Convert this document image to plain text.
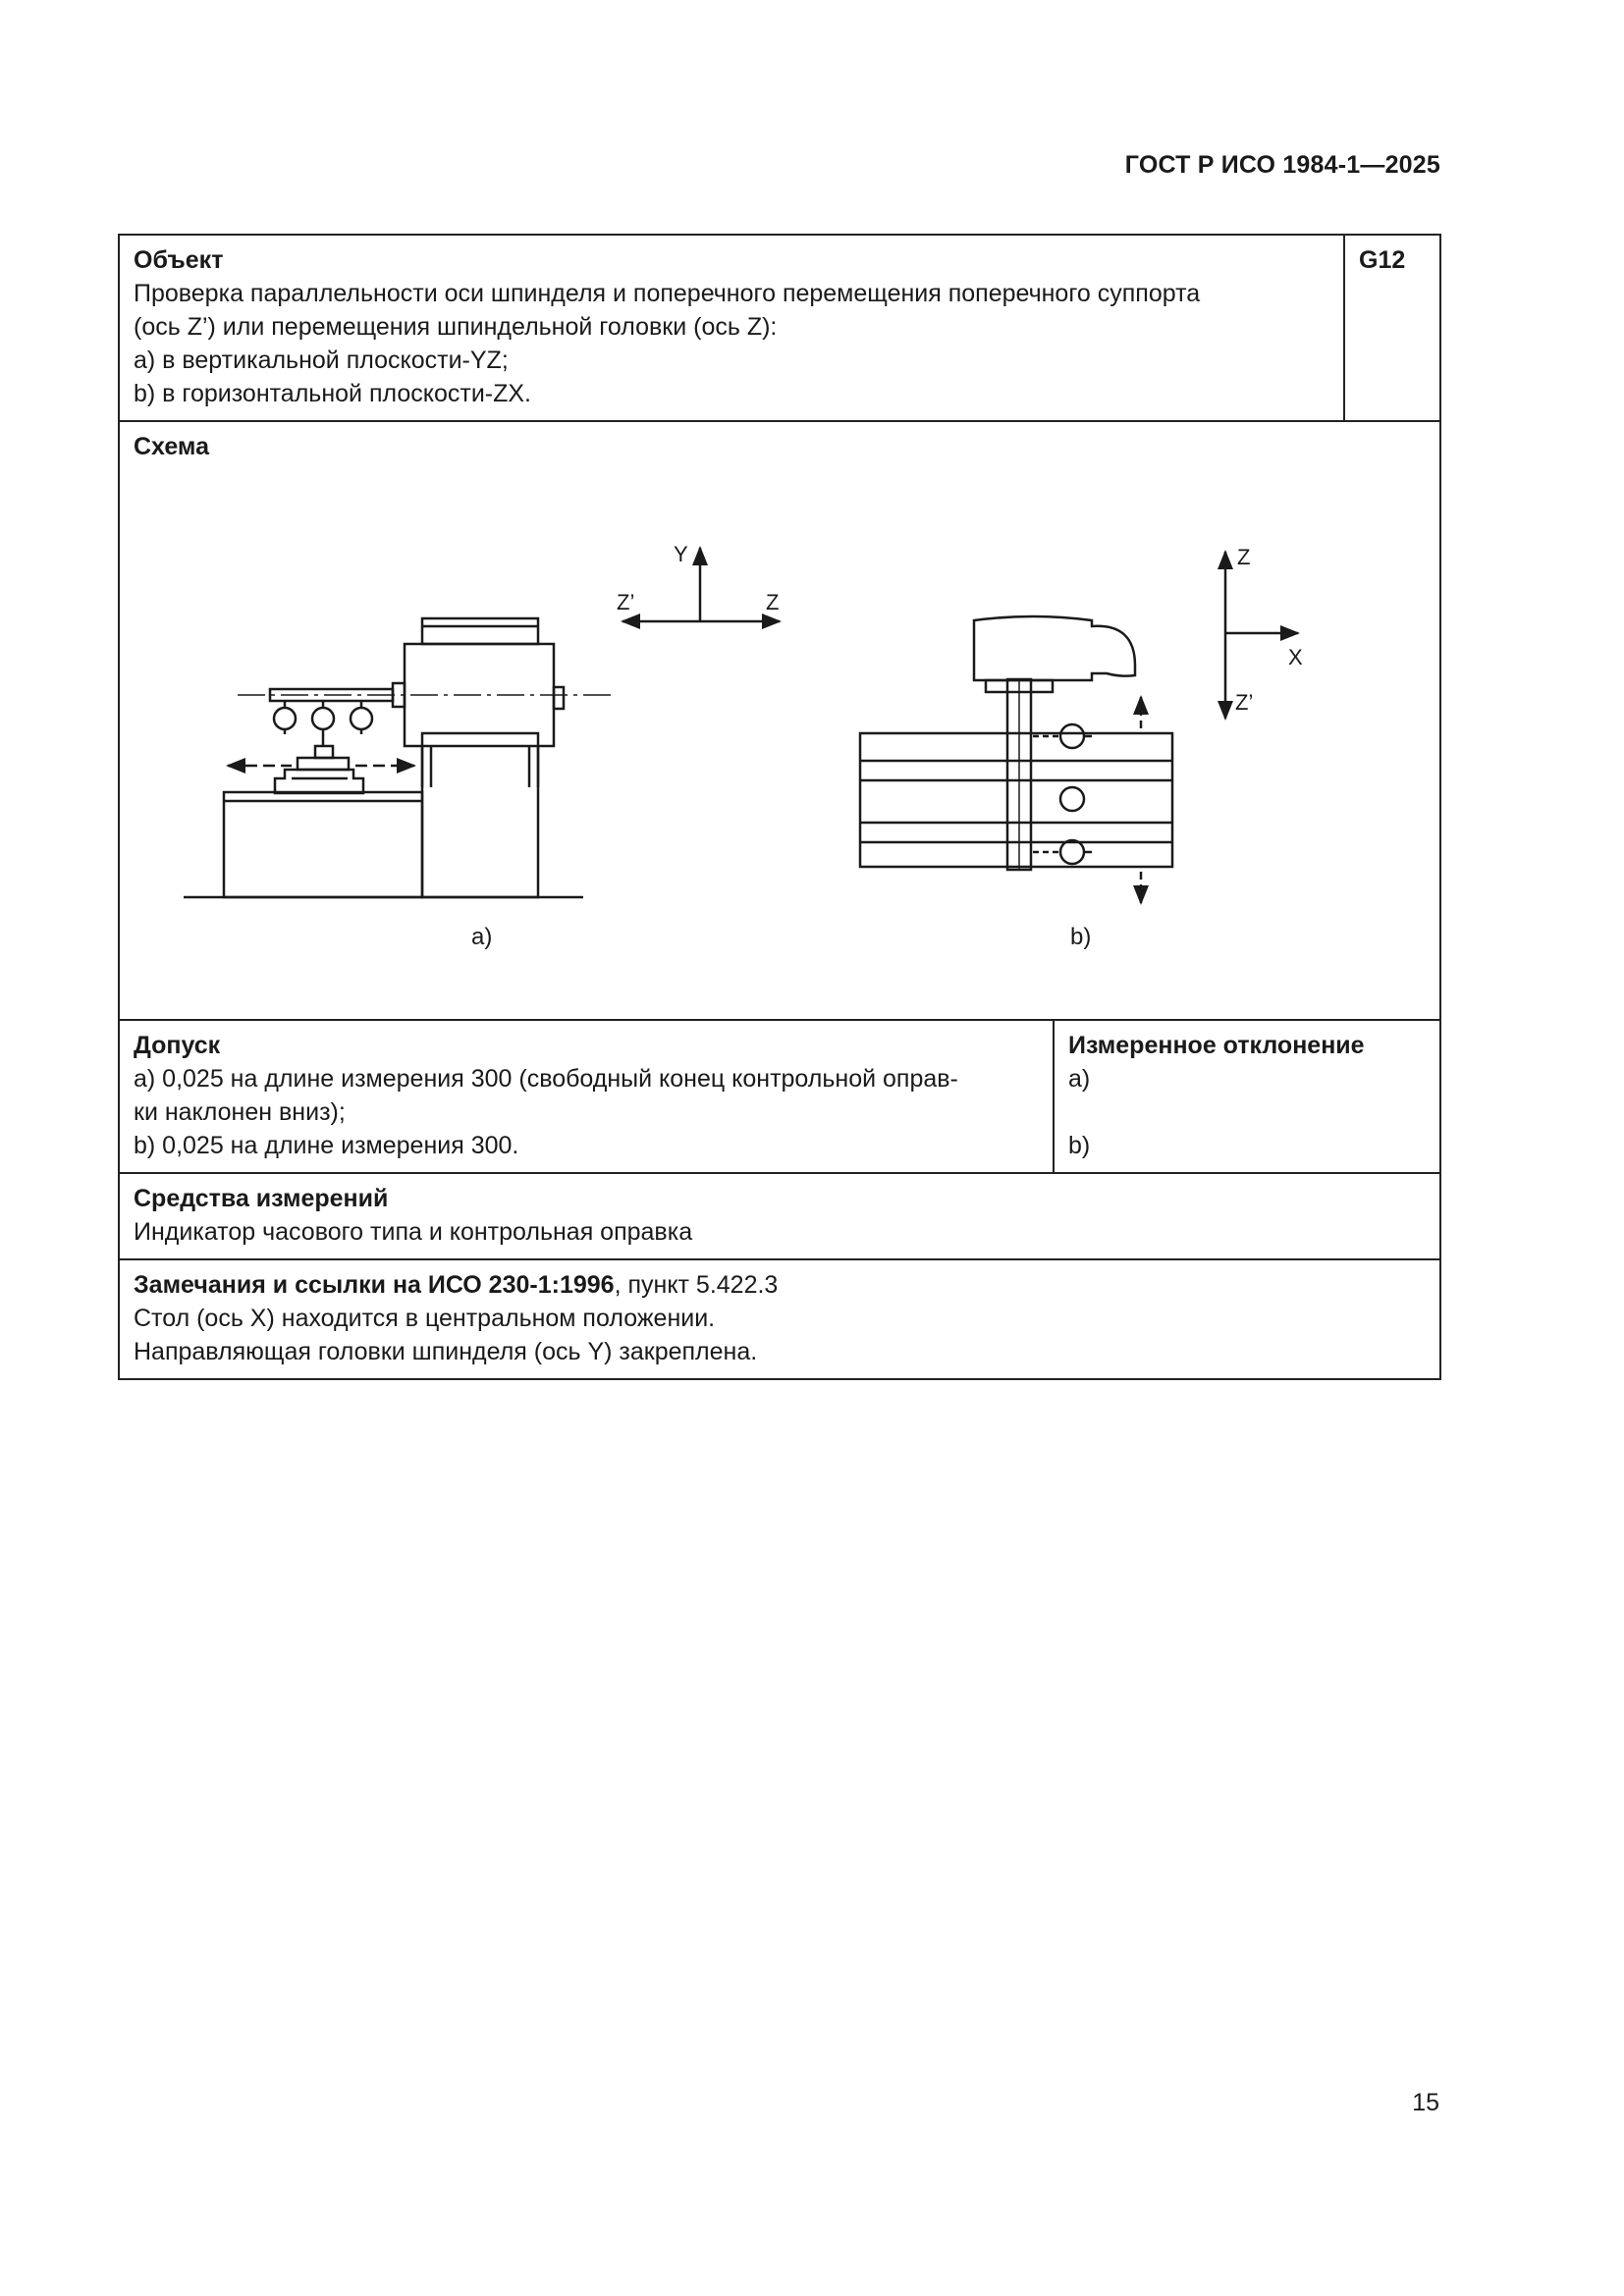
ГОСТ Р ИСО 1984-1—2025
Объект
Проверка параллельности оси шпинделя и поперечного перемещения поперечного суппорта
(ось Z’) или перемещения шпиндельной головки (ось Z):
a) в вертикальной плоскости-YZ;
b) в горизонтальной плоскости-ZX.
G12
Схема
Y
Z’	Z
a)
Z
X
Z’
b)
Допуск
a) 0,025 на длине измерения 300 (свободный конец контрольной оправ-
ки наклонен вниз);
b) 0,025 на длине измерения 300.
Измеренное отклонение
a)

b)
Средства измерений
Индикатор часового типа и контрольная оправка
Замечания и ссылки на ИСО 230-1:1996, пункт 5.422.3
Стол (ось X) находится в центральном положении.
Направляющая головки шпинделя (ось Y) закреплена.
15
